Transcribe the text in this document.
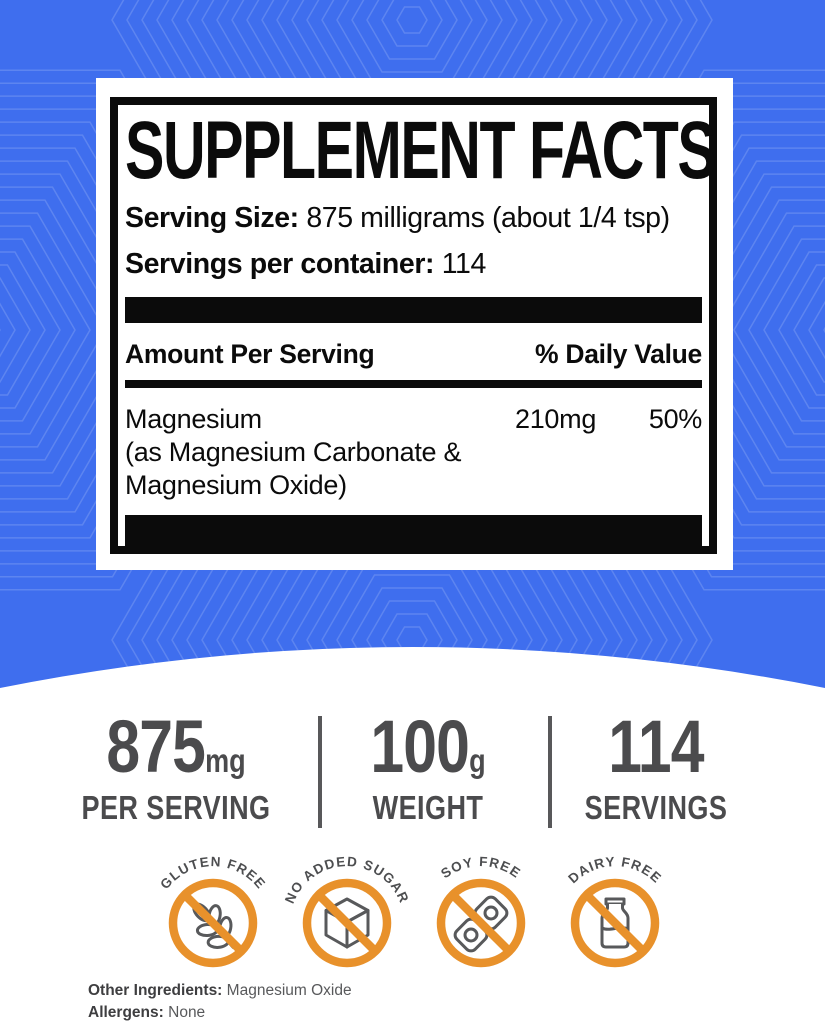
SUPPLEMENT FACTS
Serving Size: 875 milligrams (about 1/4 tsp)
Servings per container: 114
Amount Per Serving	% Daily Value
Magnesium
(as Magnesium Carbonate &
Magnesium Oxide)
210mg	50%
875mg
PER SERVING
100g
WEIGHT
114
SERVINGS
GLUTEN FREE
NO ADDED SUGAR
SOY FREE	DAIRY FREE
Other Ingredients: Magnesium Oxide
Allergens: None
